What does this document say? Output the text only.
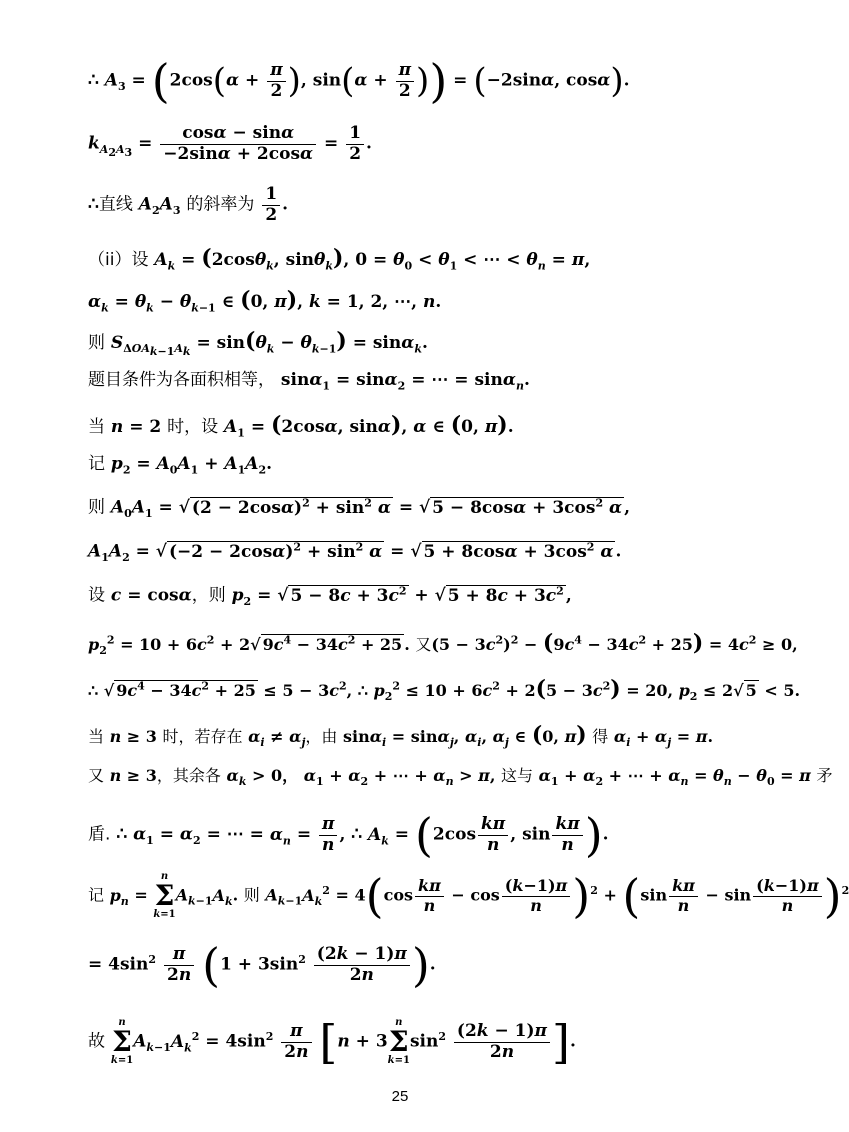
∴ $A_3 = (2\cos(\alpha + \frac{\pi}{2}$ ), $\sin(\alpha + \frac{\pi}{2}$ )) = (−2sinα, cosα).
$k_{A_2A_3} = \frac{\cos\alpha - \sin\alpha}{-2\sin\alpha + 2\cos\alpha} = \frac{1}{2}$ .
∴直线 $A_2A_3$ 的斜率为 $\frac{1}{2}$ .
（ii）设 $A_k = (2\cos\theta_k$, sinθ$_k$), $0 = \theta_0 < \theta_1$ < ⋯ < $\theta_n = \pi$,
$\alpha_k = \theta_k - \theta_{k-1}$ ∈ (0, π), k = 1, 2, ⋯, n.
则 $S_{\Delta OA_{k-1}A_k} = \sin(\theta_k - \theta_{k-1}) = \sin\alpha_k$.
题目条件为各面积相等， sinα$_1$ = sinα$_2$ = ⋯ = sinα$_n$.
当 n = 2 时，设 $A_1 = (2\cos\alpha$, sinα), α ∈ (0, π).
记 $p_2 = A_0A_1 + A_1A_2$.
则 $A_0A_1$ = √ $(2 - 2\cos\alpha)^2 + \sin^2 \alpha$ = √ $5 - 8\cos\alpha + 3\cos^2$ α ,
$A_1A_2$ = √ $(-2 - 2\cos\alpha)^2 + \sin^2 \alpha$ = √ $5 + 8\cos\alpha + 3\cos^2$ α .
设 c = cosα，则 $p_2$ = √ $5 - 8c + 3c^2$ + √ $5 + 8c + 3c^2$ ,
$p_2^2 = 10 + 6c^2 + 2√$ $9c^4 - 34c^2 + 25$ . 又$(5 - 3c^2)^2 - (9c^4 - 34c^2 + 25) = 4c^2 \ge 0$,
∴ √ $9c^4 - 34c^2 + 25 \le 5 - 3c^2$, ∴ $p_2^2 \le 10 + 6c^2 + 2(5 - 3c^2) = 20$, $p_2 \le 2√$ 5 < 5.
当 n ≥ 3 时，若存在 $\alpha_i \ne \alpha_j$，由 sinα$_i$ = sinα$_j$, $\alpha_i$, $\alpha_j$ ∈ (0, π) 得 $\alpha_i + \alpha_j = \pi$.
又 n ≥ 3，其余各 $\alpha_k > 0$， $\alpha_1 + \alpha_2$ + ⋯ + $\alpha_n > \pi$, 这与 $\alpha_1 + \alpha_2$ + ⋯ + $\alpha_n = \theta_n - \theta_0 = \pi$ 矛
盾. ∴ $\alpha_1 = \alpha_2$ = ⋯ = $\alpha_n = \frac{\pi}{n}$ , ∴ $A_k = (2\cos \frac{k\pi}{n}$ , $\sin \frac{k\pi}{n}$ ).
记 $p_n$ =
n
Σ
k=1
$A_{k-1}A_k$. 则 $A_{k-1}A_k^2 = 4(\cos \frac{k\pi}{n} - \cos \frac{(k-1)\pi}{n} )^2 + (\sin \frac{k\pi}{n} - \sin \frac{(k-1)\pi}{n} )^2$
= $4\sin^2 \frac{\pi}{2n} (1 + 3\sin^2 \frac{(2k - 1)\pi}{2n}$ ).
故
n
Σ
k=1
$A_{k-1}A_k^2 = 4\sin^2 \frac{\pi}{2n} [n + 3$
n
Σ
k=1
$\sin^2 \frac{(2k - 1)\pi}{2n}$ ].
25
